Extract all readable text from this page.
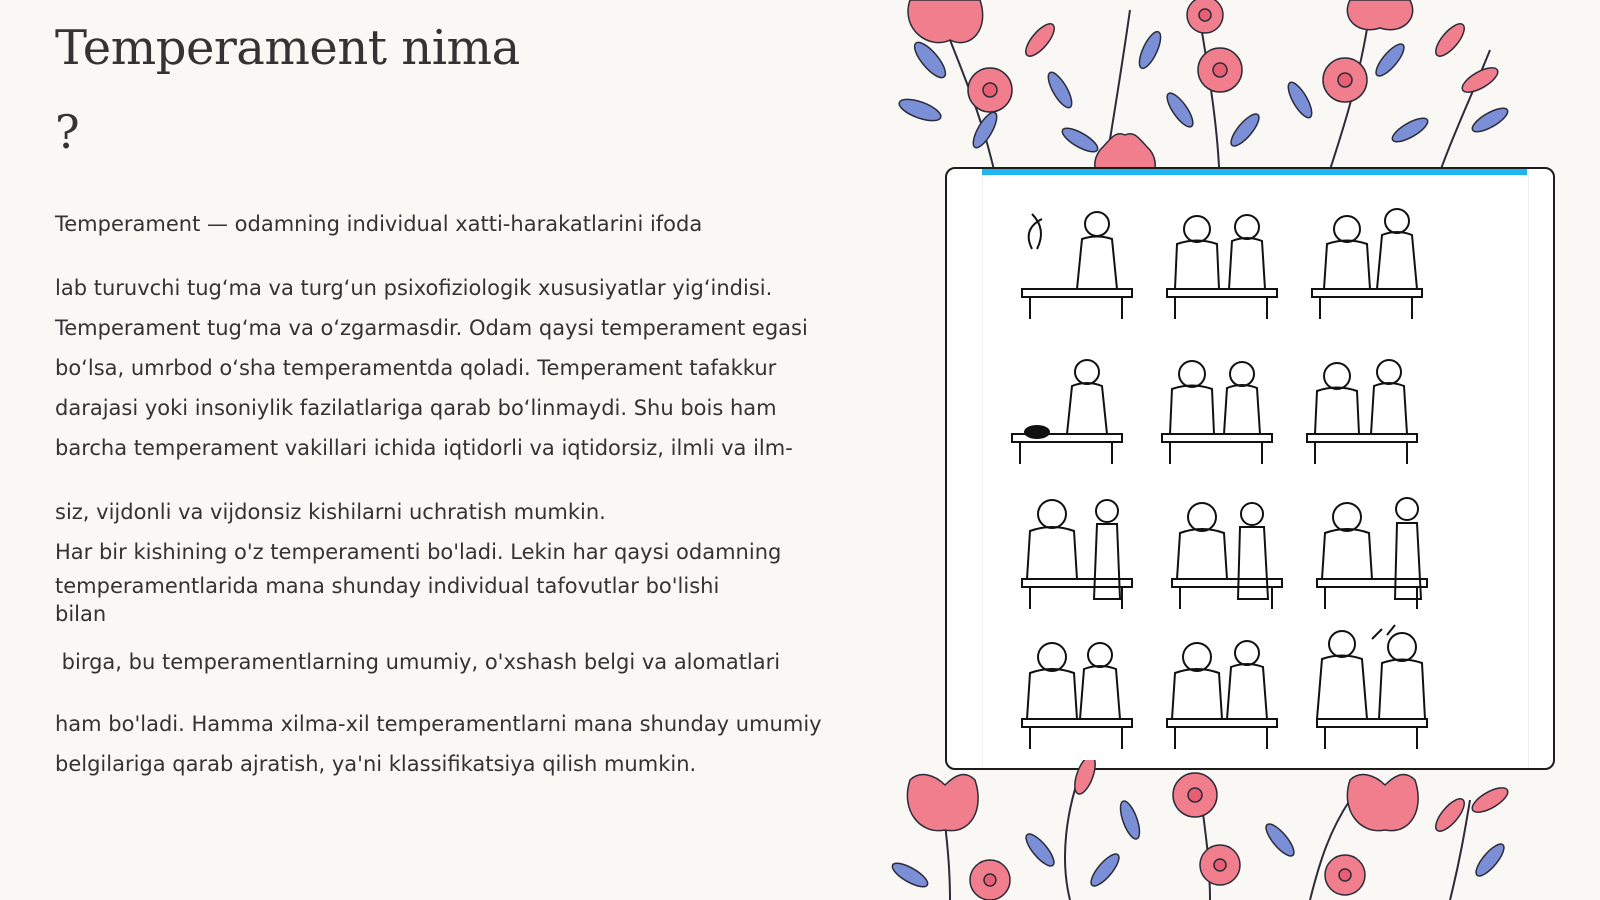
Temperament nima
?

Temperament — odamning individual xatti-harakatlarini ifoda

lab turuvchi tug‘ma va turg‘un psixofiziologik xususiyatlar yig‘indisi.
Temperament tug‘ma va o‘zgarmasdir. Odam qaysi temperament egasi
bo‘lsa, umrbod o‘sha temperamentda qoladi. Temperament tafakkur
darajasi yoki insoniylik fazilatlariga qarab bo‘linmaydi. Shu bois ham
barcha temperament vakillari ichida iqtidorli va iqtidorsiz, ilmli va ilm-

siz, vijdonli va vijdonsiz kishilarni uchratish mumkin.
Har bir kishining o'z temperamenti bo'ladi. Lekin har qaysi odamning

temperamentlarida mana shunday individual tafovutlar bo'lishi
bilan

birga, bu temperamentlarning umumiy, o'xshash belgi va alomatlari

ham bo'ladi. Hamma xilma-xil temperamentlarni mana shunday umumiy
belgilariga qarab ajratish, ya'ni klassifikatsiya qilish mumkin.
